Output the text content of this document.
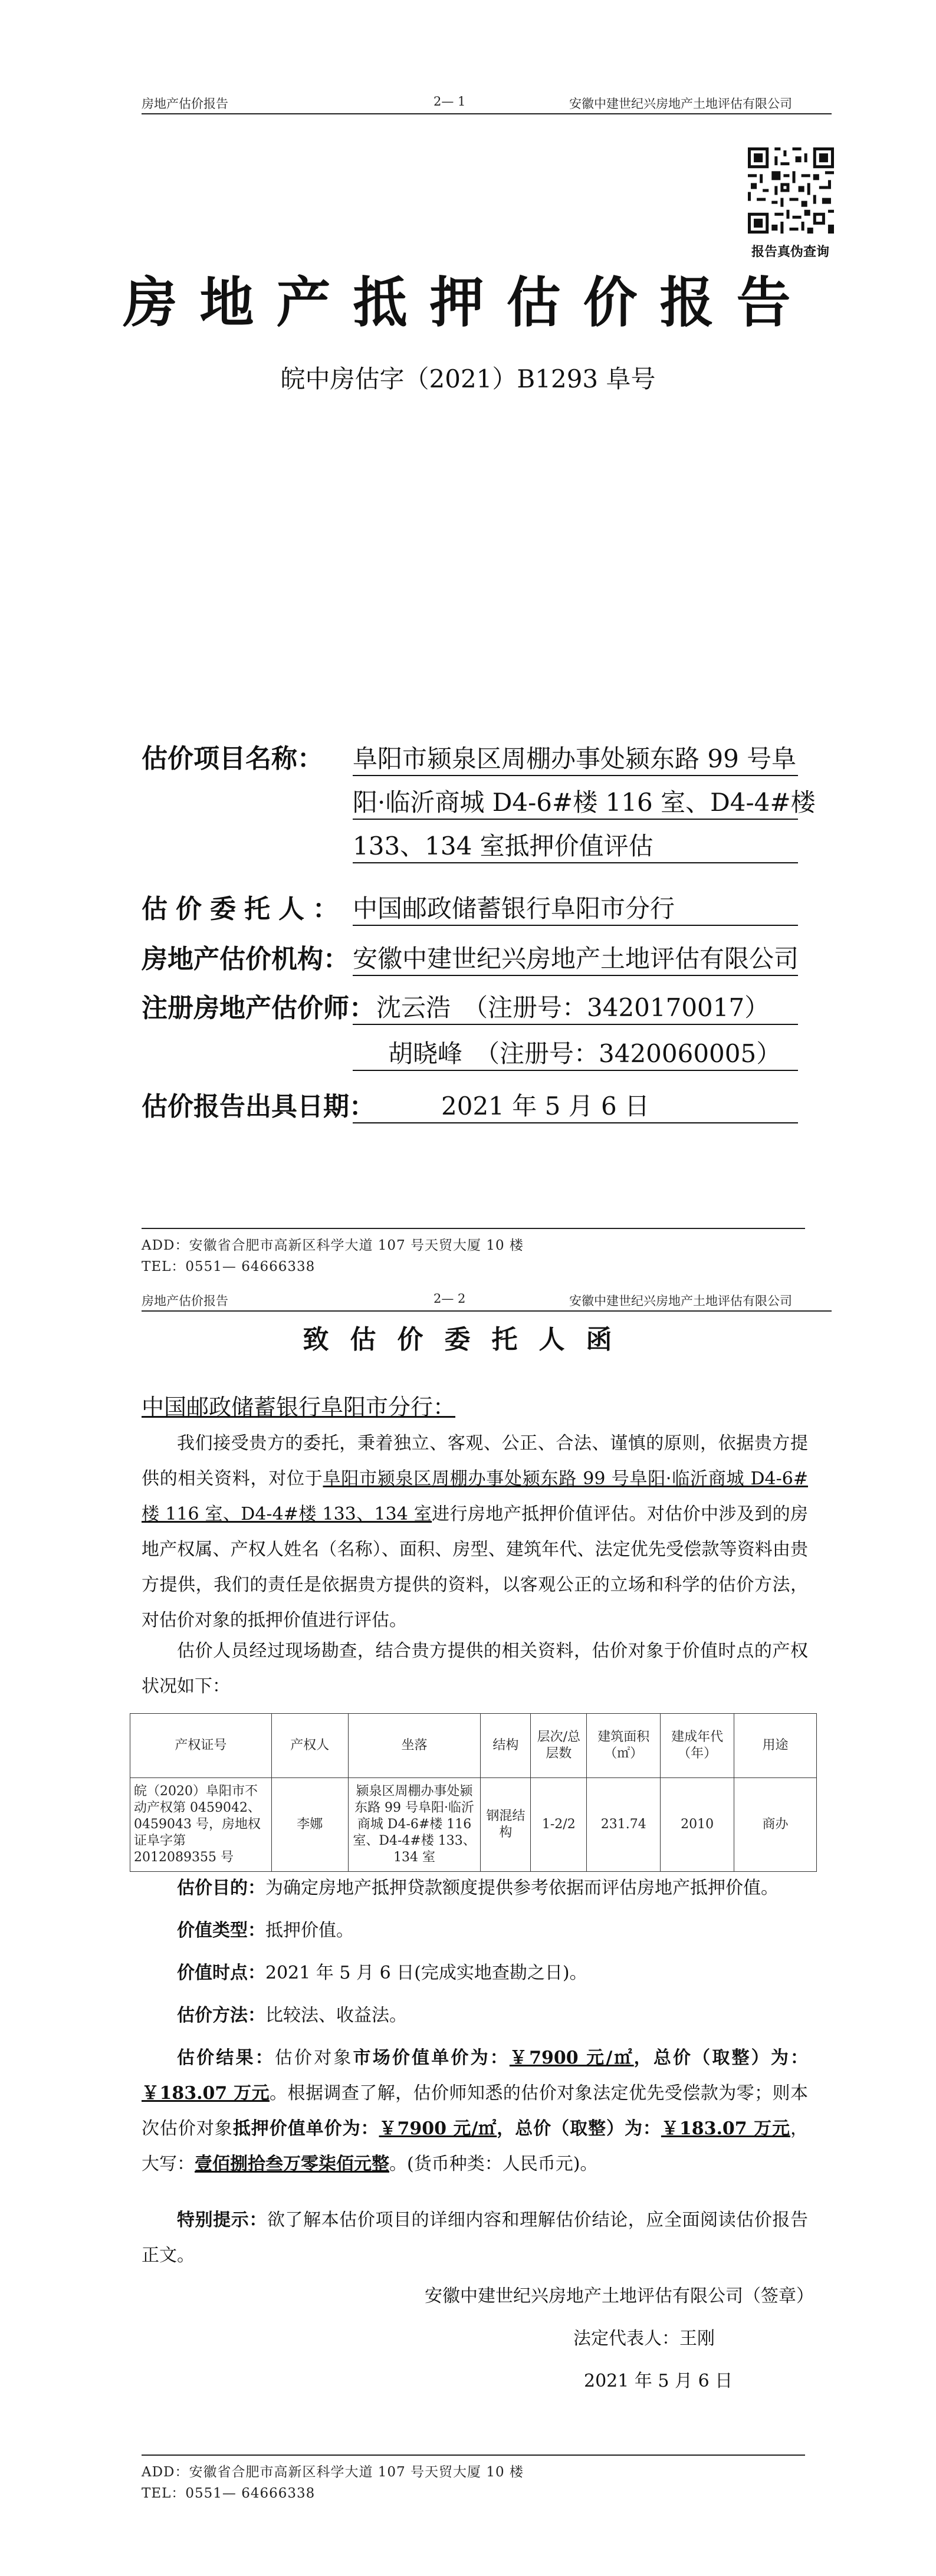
房地产估价报告	2— 1	安徽中建世纪兴房地产土地评估有限公司
报告真伪查询
房地产抵押估价报告
皖中房估字（2021）B1293 阜号
估价项目名称： 阜阳市颍泉区周棚办事处颍东路 99 号阜
阳·临沂商城 D4-6#楼 116 室、D4-4#楼
133、134 室抵押价值评估
估价委托人： 中国邮政储蓄银行阜阳市分行
房地产估价机构： 安徽中建世纪兴房地产土地评估有限公司
注册房地产估价师： 沈云浩　（注册号：3420170017）
胡晓峰　（注册号：3420060005）
估价报告出具日期：	2021 年 5 月 6 日
ADD：安徽省合肥市高新区科学大道 107 号天贸大厦 10 楼
TEL：0551— 64666338
房地产估价报告	2— 2	安徽中建世纪兴房地产土地评估有限公司
致估价委托人函
中国邮政储蓄银行阜阳市分行：
我们接受贵方的委托，秉着独立、客观、公正、合法、谨慎的原则，依据贵方提供的相关资料，对位于阜阳市颍泉区周棚办事处颍东路 99 号阜阳·临沂商城 D4-6#楼 116 室、D4-4#楼 133、134 室进行房地产抵押价值评估。对估价中涉及到的房地产权属、产权人姓名（名称）、面积、房型、建筑年代、法定优先受偿款等资料由贵方提供，我们的责任是依据贵方提供的资料，以客观公正的立场和科学的估价方法，对估价对象的抵押价值进行评估。
估价人员经过现场勘查，结合贵方提供的相关资料，估价对象于价值时点的产权状况如下：
产权证号	产权人	坐落	结构	层次/总层数	建筑面积（㎡）	建成年代（年）	用途
皖（2020）阜阳市不动产权第 0459042、0459043 号，房地权证阜字第 2012089355 号	李娜	颍泉区周棚办事处颍东路 99 号阜阳·临沂商城 D4-6#楼 116 室、D4-4#楼 133、134 室	钢混结构	1-2/2	231.74	2010	商办
估价目的：为确定房地产抵押贷款额度提供参考依据而评估房地产抵押价值。
价值类型：抵押价值。
价值时点：2021 年 5 月 6 日(完成实地查勘之日)。
估价方法：比较法、收益法。
估价结果：估价对象市场价值单价为：￥7900 元/㎡，总价（取整）为：￥183.07 万元。根据调查了解，估价师知悉的估价对象法定优先受偿款为零；则本次估价对象抵押价值单价为：￥7900 元/㎡，总价（取整）为：￥183.07 万元，大写：壹佰捌拾叁万零柒佰元整。(货币种类：人民币元)。
特别提示：欲了解本估价项目的详细内容和理解估价结论，应全面阅读估价报告正文。
安徽中建世纪兴房地产土地评估有限公司（签章）
法定代表人：王刚
2021 年 5 月 6 日
ADD：安徽省合肥市高新区科学大道 107 号天贸大厦 10 楼
TEL：0551— 64666338
